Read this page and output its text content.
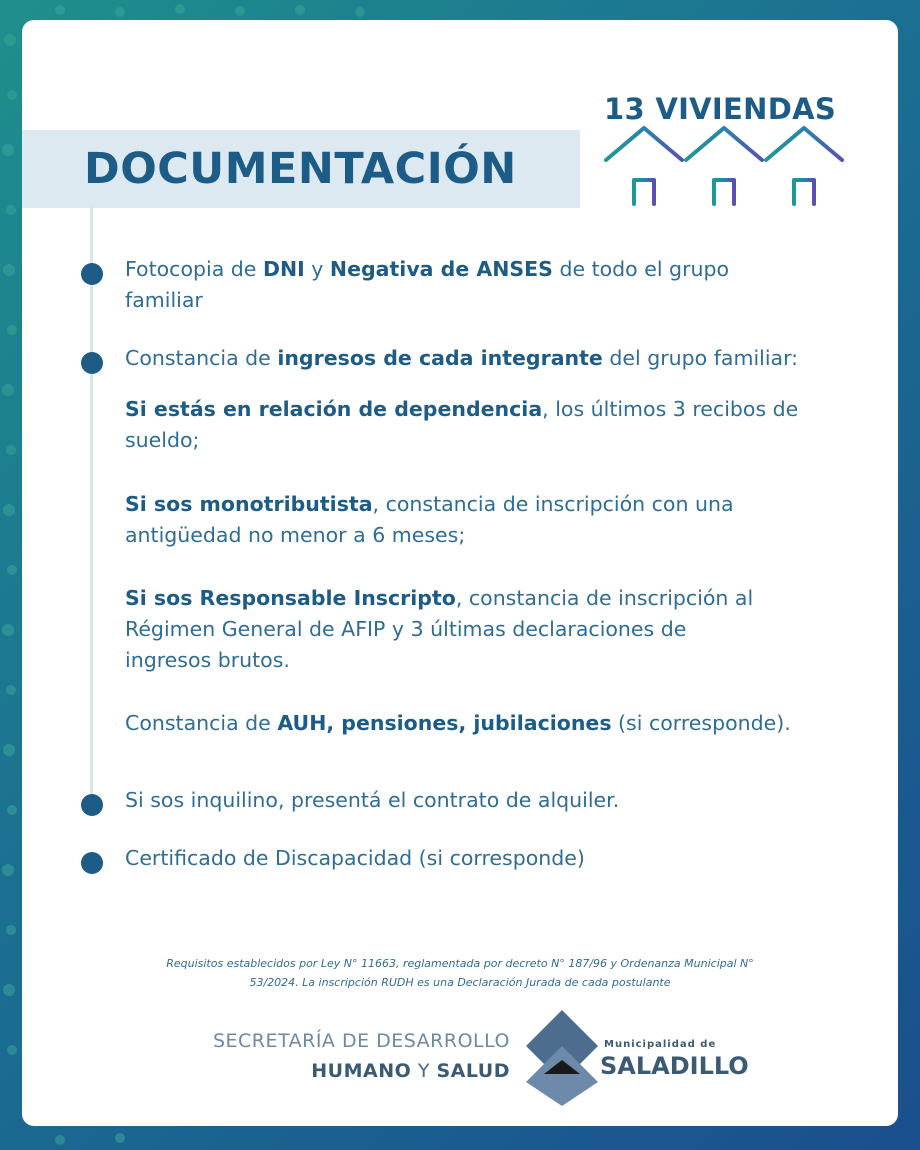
DOCUMENTACIÓN
13 VIVIENDAS
Fotocopia de DNI y Negativa de ANSES de todo el grupo
familiar
Constancia de ingresos de cada integrante del grupo familiar:
Si estás en relación de dependencia, los últimos 3 recibos de
sueldo;
Si sos monotributista, constancia de inscripción con una
antigüedad no menor a 6 meses;
Si sos Responsable Inscripto, constancia de inscripción al
Régimen General de AFIP y 3 últimas declaraciones de
ingresos brutos.
Constancia de AUH, pensiones, jubilaciones (si corresponde).
Si sos inquilino, presentá el contrato de alquiler.
Certificado de Discapacidad (si corresponde)
Requisitos establecidos por Ley N° 11663, reglamentada por decreto N° 187/96 y Ordenanza Municipal N°
53/2024. La inscripción RUDH es una Declaración Jurada de cada postulante
SECRETARÍA DE DESARROLLO
HUMANO Y SALUD
Municipalidad de
SALADILLO
